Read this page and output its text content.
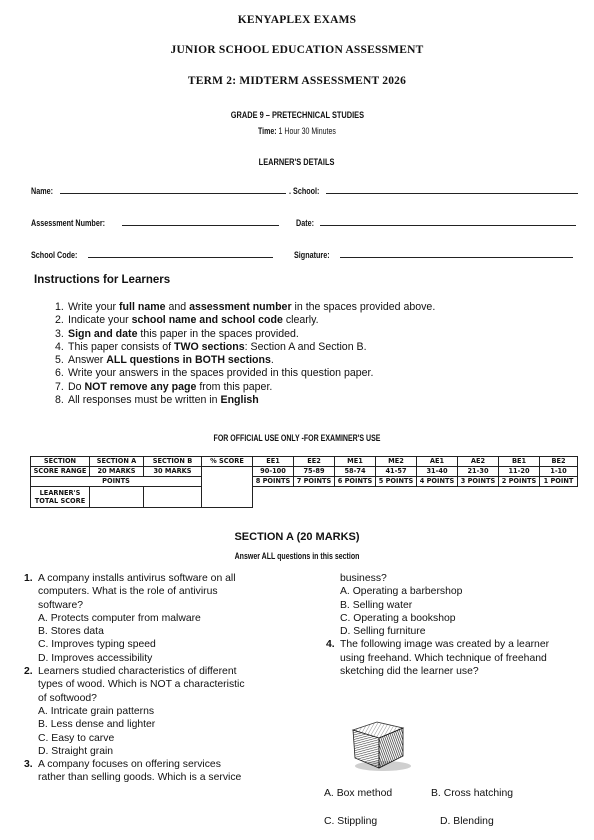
KENYAPLEX EXAMS
JUNIOR SCHOOL EDUCATION ASSESSMENT
TERM 2: MIDTERM ASSESSMENT 2026
GRADE 9 – PRETECHNICAL STUDIES
Time: 1 Hour 30 Minutes
LEARNER'S DETAILS
Name:	. School:
Assessment Number:	Date:
School Code:	Signature:
Instructions for Learners
1. Write your full name and assessment number in the spaces provided above.
2. Indicate your school name and school code clearly.
3. Sign and date this paper in the spaces provided.
4. This paper consists of TWO sections: Section A and Section B.
5. Answer ALL questions in BOTH sections.
6. Write your answers in the spaces provided in this question paper.
7. Do NOT remove any page from this paper.
8. All responses must be written in English
FOR OFFICIAL USE ONLY -FOR EXAMINER'S USE
SECTION	SECTION A	SECTION B	% SCORE	EE1	EE2	ME1	ME2	AE1	AE2	BE1	BE2
SCORE RANGE	20 MARKS	30 MARKS		90-100	75-89	58-74	41-57	31-40	21-30	11-20	1-10
POINTS				8 POINTS	7 POINTS	6 POINTS	5 POINTS	4 POINTS	3 POINTS	2 POINTS	1 POINT
LEARNER'S
TOTAL SCORE											
SECTION A (20 MARKS)
Answer ALL questions in this section
1. A company installs antivirus software on all
computers. What is the role of antivirus
software?
A. Protects computer from malware
B. Stores data
C. Improves typing speed
D. Improves accessibility
2. Learners studied characteristics of different
types of wood. Which is NOT a characteristic
of softwood?
A. Intricate grain patterns
B. Less dense and lighter
C. Easy to carve
D. Straight grain
3. A company focuses on offering services
rather than selling goods. Which is a service
business?
A. Operating a barbershop
B. Selling water
C. Operating a bookshop
D. Selling furniture
4. The following image was created by a learner
using freehand. Which technique of freehand
sketching did the learner use?
A. Box method	B. Cross hatching
C. Stippling	D. Blending
